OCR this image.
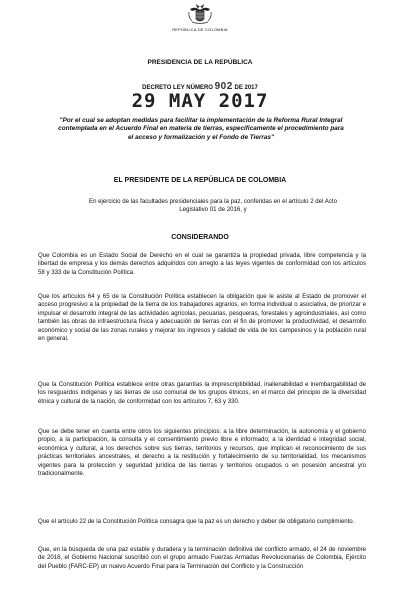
REPÚBLICA DE COLOMBIA
PRESIDENCIA DE LA REPÚBLICA
DECRETO LEY NÚMERO 902 DE 2017
29 MAY 2017
"Por el cual se adoptan medidas para facilitar la implementación de la Reforma Rural Integral contemplada en el Acuerdo Final en materia de tierras, específicamente el procedimiento para el acceso y formalización y el Fondo de Tierras"
EL PRESIDENTE DE LA REPÚBLICA DE COLOMBIA
En ejercicio de las facultades presidenciales para la paz, conferidas en el artículo 2 del Acto Legislativo 01 de 2016, y
CONSIDERANDO

Que Colombia es un Estado Social de Derecho en el cual se garantiza la propiedad privada, libre competencia y la libertad de empresa y los demás derechos adquiridos con arreglo a las leyes vigentes de conformidad con los artículos 58 y 333 de la Constitución Política.

Que los artículos 64 y 65 de la Constitución Política establecen la obligación que le asiste al Estado de promover el acceso progresivo a la propiedad de la tierra de los trabajadores agrarios, en forma individual o asociativa, de priorizar e impulsar el desarrollo integral de las actividades agrícolas, pecuarias, pesqueras, forestales y agroindustriales, así como también las obras de infraestructura física y adecuación de tierras con el fin de promover la productividad, el desarrollo económico y social de las zonas rurales y mejorar los ingresos y calidad de vida de los campesinos y la población rural en general.

Que la Constitución Política establece entre otras garantías la imprescriptibilidad, inalienabilidad e inembargabilidad de los resguardos indígenas y las tierras de uso comunal de los grupos étnicos, en el marco del principio de la diversidad étnica y cultural de la nación, de conformidad con los artículos 7, 63 y 330.

Que se debe tener en cuenta entre otros los siguientes principios: a la libre determinación, la autonomía y el gobierno propio, a la participación, la consulta y el consentimiento previo libre e informado; a la identidad e integridad social, económica y cultural, a los derechos sobre sus tierras, territorios y recursos, que implican el reconocimiento de sus prácticas territoriales ancestrales, el derecho a la restitución y fortalecimiento de su territorialidad, los mecanismos vigentes para la protección y seguridad jurídica de las tierras y territorios ocupados o en posesión ancestral y/o tradicionalmente.

Que el artículo 22 de la Constitución Política consagra que la paz es un derecho y deber de obligatorio cumplimiento.

Que, en la búsqueda de una paz estable y duradera y la terminación definitiva del conflicto armado, el 24 de noviembre de 2016, el Gobierno Nacional suscribió con el grupo armado Fuerzas Armadas Revolucionarias de Colombia, Ejército del Pueblo (FARC-EP) un nuevo Acuerdo Final para la Terminación del Conflicto y la Construcción
